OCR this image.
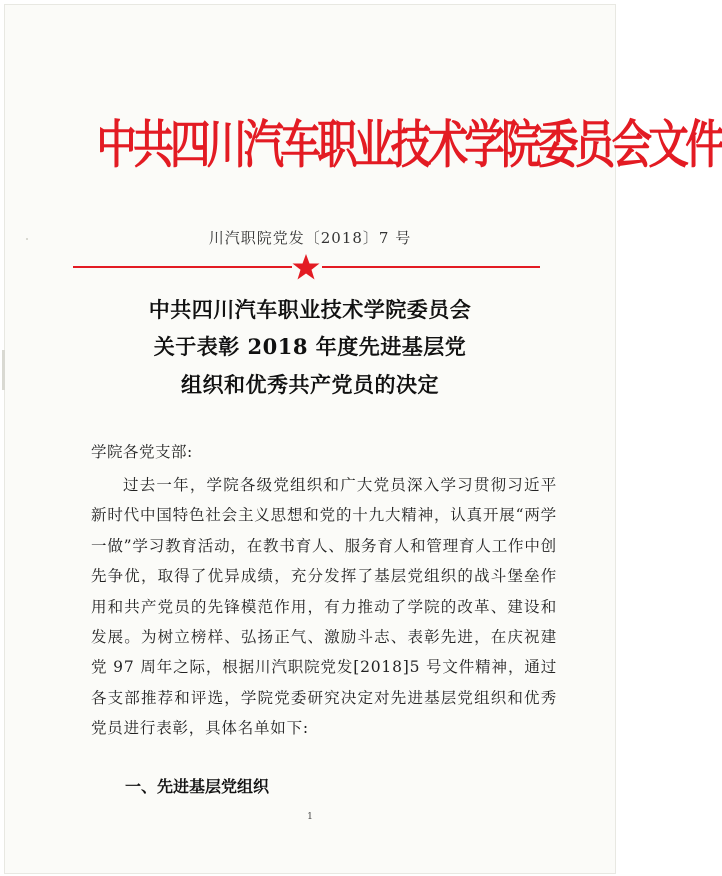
中共四川汽车职业技术学院委员会文件
川汽职院党发〔2018〕7 号
中共四川汽车职业技术学院委员会
关于表彰 2018 年度先进基层党
组织和优秀共产党员的决定
学院各党支部:
过去一年，学院各级党组织和广大党员深入学习贯彻习近平新时代中国特色社会主义思想和党的十九大精神，认真开展“两学一做”学习教育活动，在教书育人、服务育人和管理育人工作中创先争优，取得了优异成绩，充分发挥了基层党组织的战斗堡垒作用和共产党员的先锋模范作用，有力推动了学院的改革、建设和发展。为树立榜样、弘扬正气、激励斗志、表彰先进，在庆祝建党 97 周年之际，根据川汽职院党发[2018]5 号文件精神，通过各支部推荐和评选，学院党委研究决定对先进基层党组织和优秀党员进行表彰，具体名单如下:
一、先进基层党组织
1
